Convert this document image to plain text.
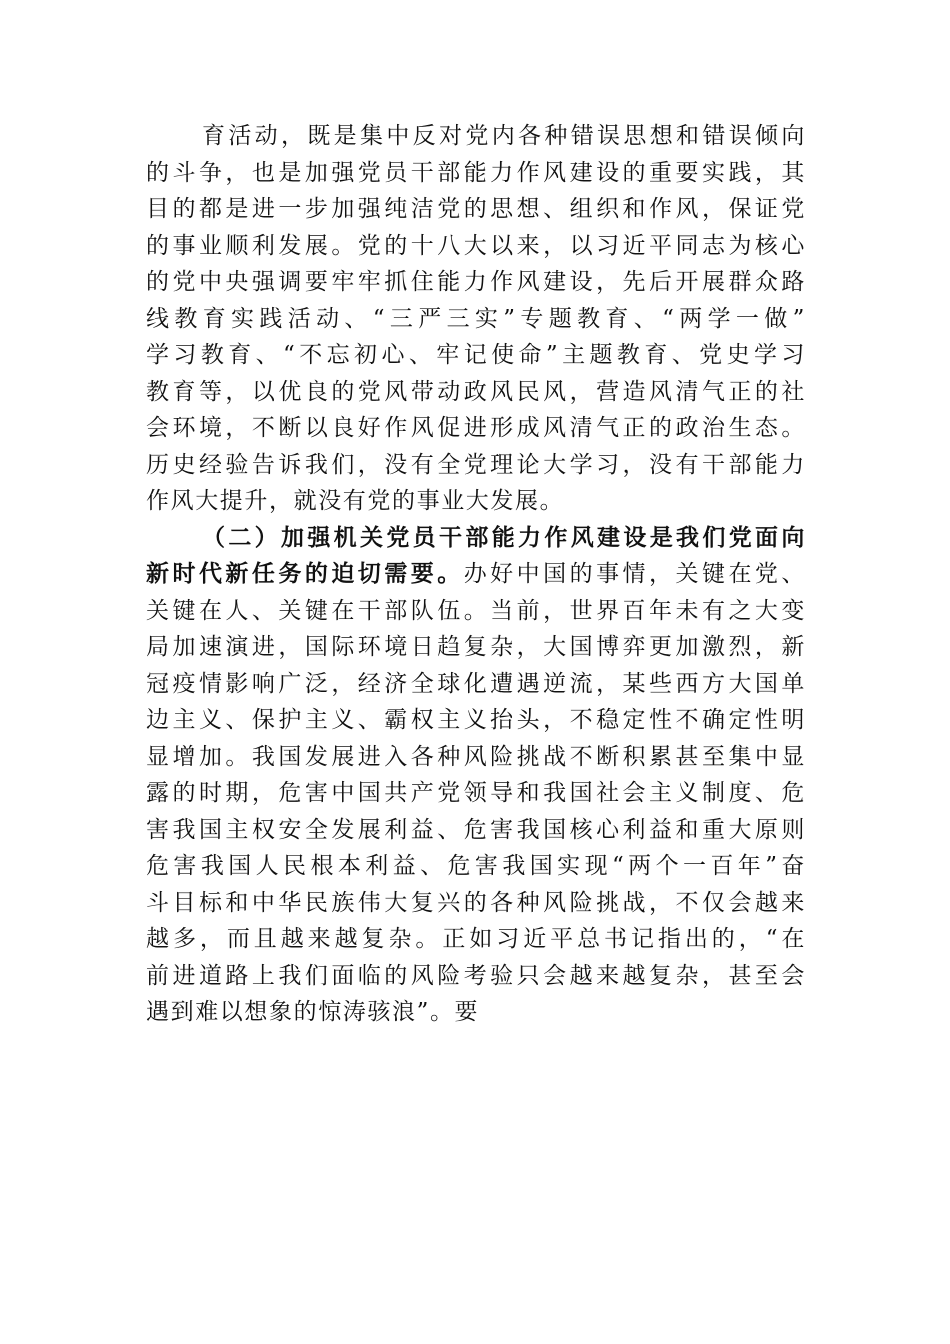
育活动，既是集中反对党内各种错误思想和错误倾向
的斗争，也是加强党员干部能力作风建设的重要实践，其
目的都是进一步加强纯洁党的思想、组织和作风，保证党
的事业顺利发展。党的十八大以来，以习近平同志为核心
的党中央强调要牢牢抓住能力作风建设，先后开展群众路
线教育实践活动、“三严三实”专题教育、“两学一做”
学习教育、“不忘初心、牢记使命”主题教育、党史学习
教育等，以优良的党风带动政风民风，营造风清气正的社
会环境，不断以良好作风促进形成风清气正的政治生态。
历史经验告诉我们，没有全党理论大学习，没有干部能力
作风大提升，就没有党的事业大发展。
（二）加强机关党员干部能力作风建设是我们党面向
新时代新任务的迫切需要。办好中国的事情，关键在党、
关键在人、关键在干部队伍。当前，世界百年未有之大变
局加速演进，国际环境日趋复杂，大国博弈更加激烈，新
冠疫情影响广泛，经济全球化遭遇逆流，某些西方大国单
边主义、保护主义、霸权主义抬头，不稳定性不确定性明
显增加。我国发展进入各种风险挑战不断积累甚至集中显
露的时期，危害中国共产党领导和我国社会主义制度、危
害我国主权安全发展利益、危害我国核心利益和重大原则
危害我国人民根本利益、危害我国实现“两个一百年”奋
斗目标和中华民族伟大复兴的各种风险挑战，不仅会越来
越多，而且越来越复杂。正如习近平总书记指出的，“在
前进道路上我们面临的风险考验只会越来越复杂，甚至会
遇到难以想象的惊涛骇浪”。要
